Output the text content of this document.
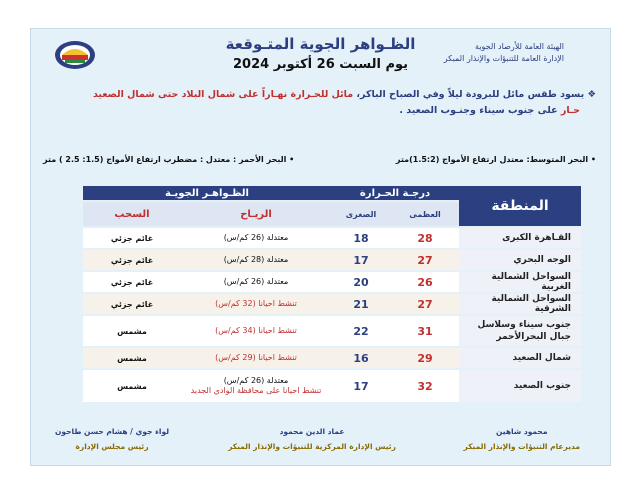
الهيئة العامة للأرصاد الجوية
الإدارة العامة للتنبؤات والإنذار المبكر
الظـواهر الجوية المتـوقعة
يوم السبت 26 أكتوبر 2024
❖ يسود طقس مائل للبرودة ليلاً وفي الصباح الباكر، مائل للحـرارة نهـاراً على شمال البلاد حتى شمال الصعيد
حـار على جنوب سيناء وجنـوب الصعيد .
• البحر المتوسط: معتدل ارتفاع الأمواج (1.5:2)متر
• البحر الأحمر : معتدل : مضطرب ارتفاع الأمواج (1.5: 2.5 ) متر
المنطقة	درجـة الحـرارة		الظـواهـر الجويـة	
	العظمى	الصغرى	الريـاح	السحب
القـاهرة الكبرى	28	18	معتدلة (26 كم/س)	غائم جزئي
الوجه البحري	27	17	معتدلة (28 كم/س)	غائم جزئي
السواحل الشمالية الغربية	26	20	معتدلة (26 كم/س)	غائم جزئي
السواحل الشمالية الشرقية	27	21	تنشط احيانا (32 كم/س)	غائم جزئي
جنوب سيناء وسلاسل جبال البحرالأحمر	31	22	تنشط احيانا (34 كم/س)	مشمس
شمال الصعيد	29	16	تنشط احيانا (29 كم/س)	مشمس
جنوب الصعيد	32	17	معتدلة (26 كم/س)
تنشط احيانا على محافظة الوادي الجديد	مشمس
محمود شاهين
مديرعام التنبؤات والإنذار المبكر
عماد الدين محمود
رئيس الإدارة المركزية للتنبؤات والإنذار المبكر
لواء جوي / هشام حسن طاحون
رئيس مجلس الإدارة
